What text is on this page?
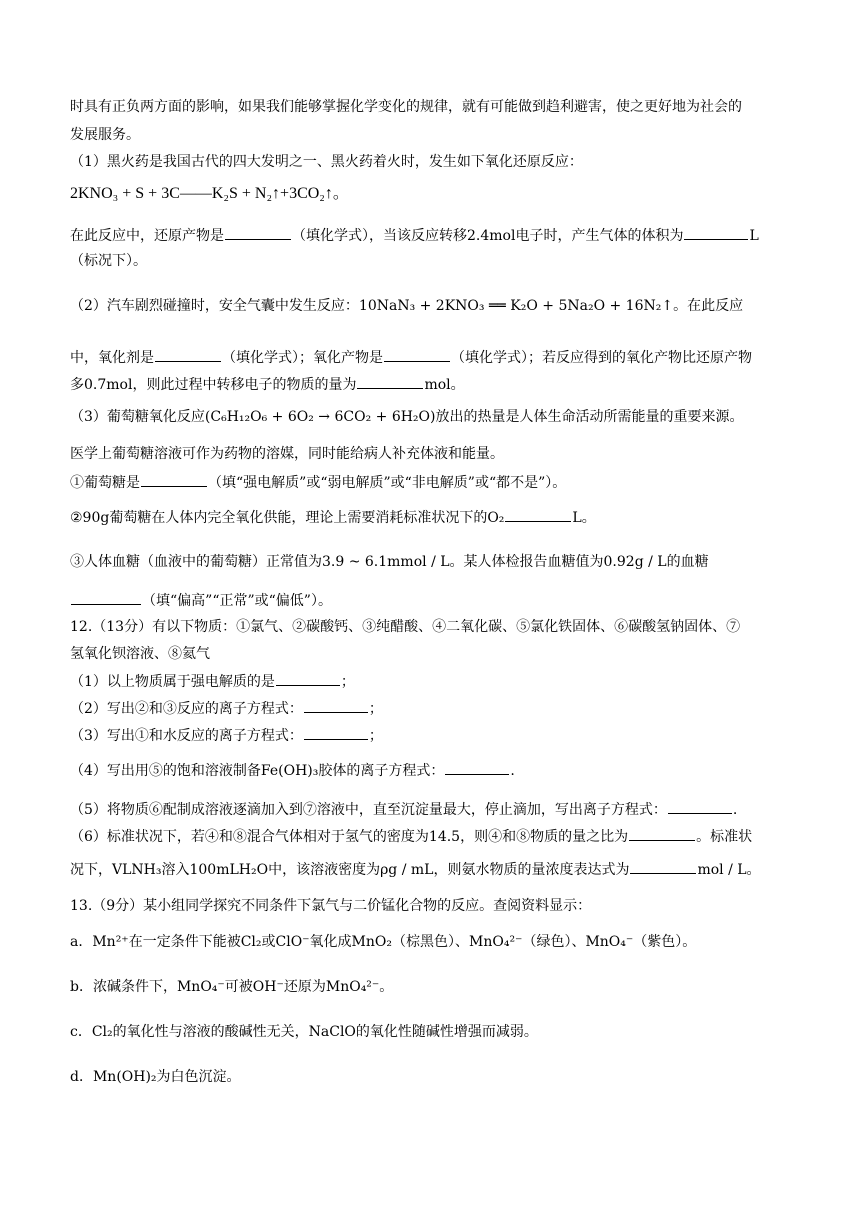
时具有正负两方面的影响，如果我们能够掌握化学变化的规律，就有可能做到趋利避害，使之更好地为社会的
发展服务。
（1）黑火药是我国古代的四大发明之一、黑火药着火时，发生如下氧化还原反应：
2KNO₃ + S + 3C——K₂S + N₂↑+3CO₂↑。
在此反应中，还原产物是	（填化学式），当该反应转移2.4mol电子时，产生气体的体积为	L
（标况下）。
（2）汽车剧烈碰撞时，安全气囊中发生反应：10NaN₃ + 2KNO₃ ══ K₂O + 5Na₂O + 16N₂↑。在此反应
中，氧化剂是	（填化学式）；氧化产物是	（填化学式）；若反应得到的氧化产物比还原产物
多0.7mol，则此过程中转移电子的物质的量为	mol。
（3）葡萄糖氧化反应(C₆H₁₂O₆ + 6O₂ → 6CO₂ + 6H₂O)放出的热量是人体生命活动所需能量的重要来源。
医学上葡萄糖溶液可作为药物的溶媒，同时能给病人补充体液和能量。
①葡萄糖是	（填“强电解质”或“弱电解质”或“非电解质”或“都不是”）。
②90g葡萄糖在人体内完全氧化供能，理论上需要消耗标准状况下的O₂	L。
③人体血糖（血液中的葡萄糖）正常值为3.9 ~ 6.1mmol / L。某人体检报告血糖值为0.92g / L的血糖
（填“偏高”“正常”或“偏低”）。
12.（13分）有以下物质：①氯气、②碳酸钙、③纯醋酸、④二氧化碳、⑤氯化铁固体、⑥碳酸氢钠固体、⑦
氢氧化钡溶液、⑧氦气
（1）以上物质属于强电解质的是	；
（2）写出②和③反应的离子方程式：	；
（3）写出①和水反应的离子方程式：	；
（4）写出用⑤的饱和溶液制备Fe(OH)₃胶体的离子方程式：	.
（5）将物质⑥配制成溶液逐滴加入到⑦溶液中，直至沉淀量最大，停止滴加，写出离子方程式：	.
（6）标准状况下，若④和⑧混合气体相对于氢气的密度为14.5，则④和⑧物质的量之比为	。标准状
况下，VLNH₃溶入100mLH₂O中，该溶液密度为ρg / mL，则氨水物质的量浓度表达式为	mol / L。
13.（9分）某小组同学探究不同条件下氯气与二价锰化合物的反应。查阅资料显示：
a．Mn²⁺在一定条件下能被Cl₂或ClO⁻氧化成MnO₂（棕黑色）、MnO₄²⁻（绿色）、MnO₄⁻（紫色）。
b．浓碱条件下，MnO₄⁻可被OH⁻还原为MnO₄²⁻。
c．Cl₂的氧化性与溶液的酸碱性无关，NaClO的氧化性随碱性增强而减弱。
d．Mn(OH)₂为白色沉淀。
